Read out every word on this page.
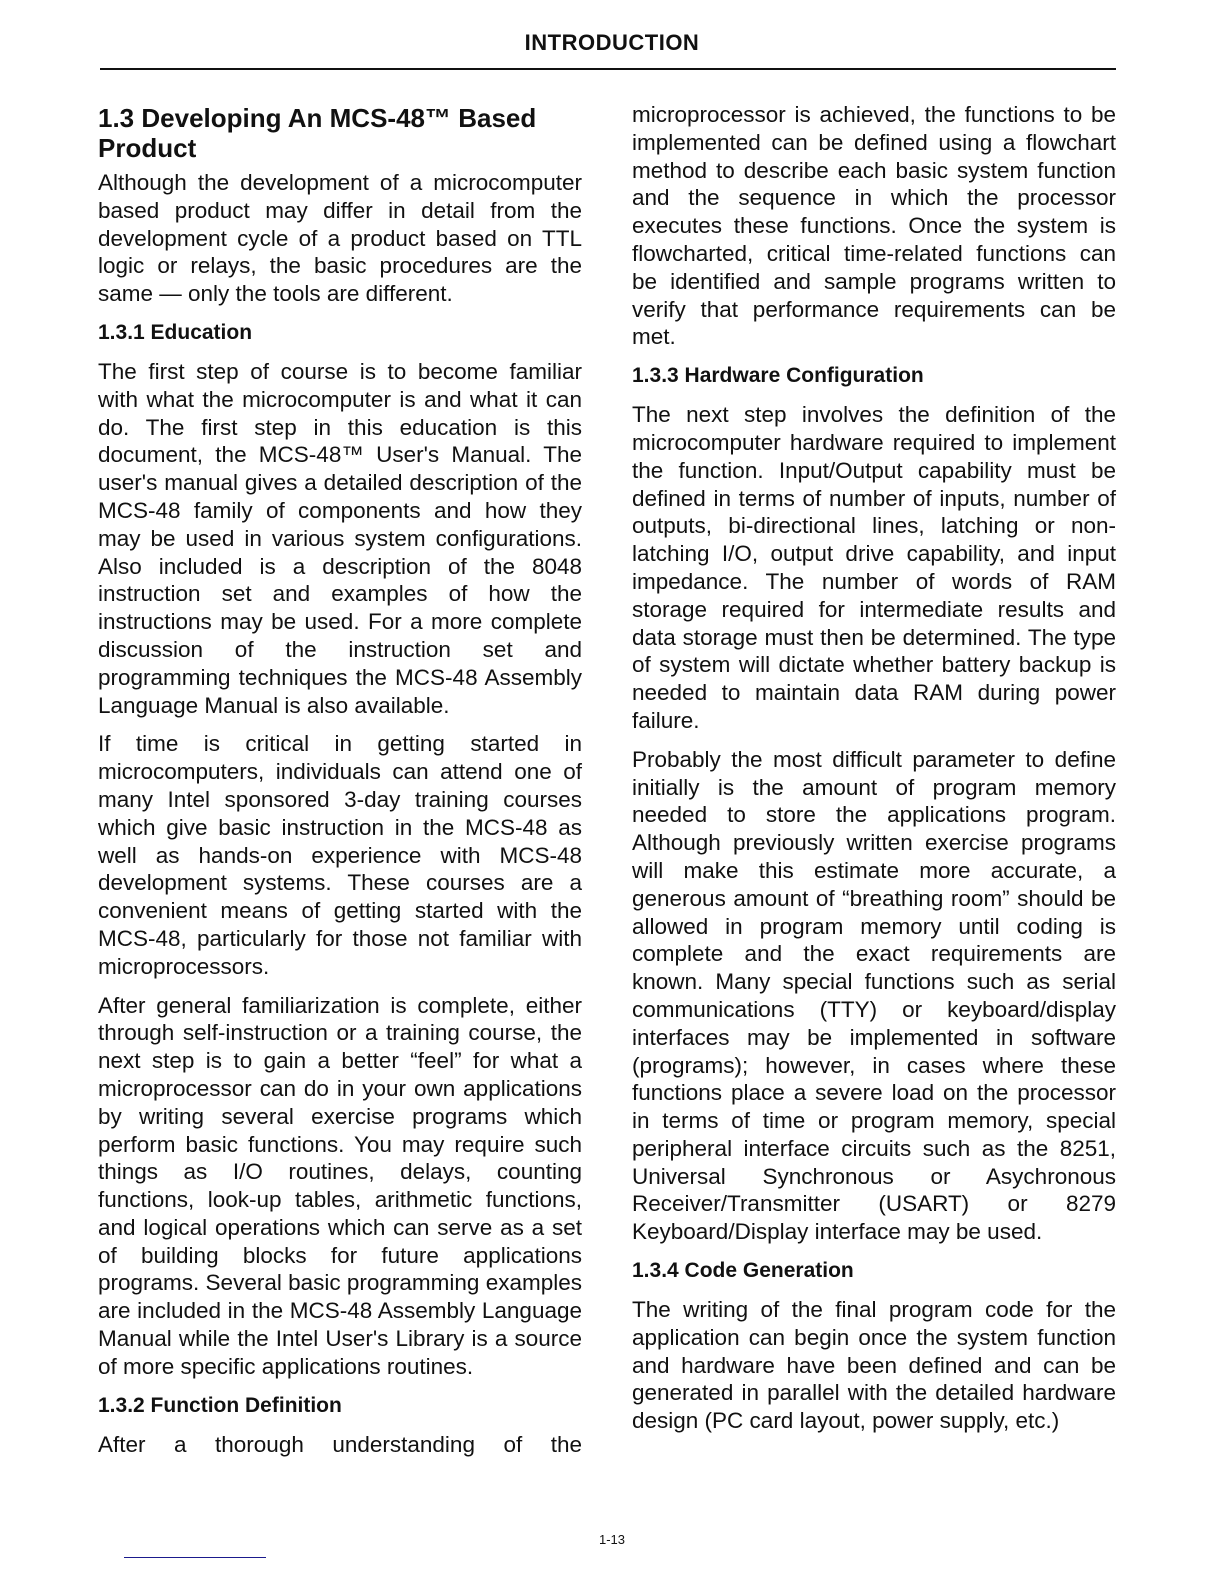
INTRODUCTION
1.3 Developing An MCS-48™ Based Product

Although the development of a microcomputer based product may differ in detail from the development cycle of a product based on TTL logic or relays, the basic procedures are the same — only the tools are different.

1.3.1 Education

The first step of course is to become familiar with what the microcomputer is and what it can do. The first step in this education is this document, the MCS-48™ User's Manual. The user's manual gives a detailed description of the MCS-48 family of components and how they may be used in various system configurations. Also included is a description of the 8048 instruction set and examples of how the instructions may be used. For a more complete discussion of the instruction set and programming techniques the MCS-48 Assembly Language Manual is also available.

If time is critical in getting started in microcomputers, individuals can attend one of many Intel sponsored 3-day training courses which give basic instruction in the MCS-48 as well as hands-on experience with MCS-48 development systems. These courses are a convenient means of getting started with the MCS-48, particularly for those not familiar with microprocessors.

After general familiarization is complete, either through self-instruction or a training course, the next step is to gain a better “feel” for what a microprocessor can do in your own applications by writing several exercise programs which perform basic functions. You may require such things as I/O routines, delays, counting functions, look-up tables, arithmetic functions, and logical operations which can serve as a set of building blocks for future applications programs. Several basic programming examples are included in the MCS-48 Assembly Language Manual while the Intel User's Library is a source of more specific applications routines.

1.3.2 Function Definition

After a thorough understanding of the

microprocessor is achieved, the functions to be implemented can be defined using a flowchart method to describe each basic system function and the sequence in which the processor executes these functions. Once the system is flowcharted, critical time-related functions can be identified and sample programs written to verify that performance requirements can be met.

1.3.3 Hardware Configuration

The next step involves the definition of the microcomputer hardware required to implement the function. Input/Output capability must be defined in terms of number of inputs, number of outputs, bi-directional lines, latching or non-latching I/O, output drive capability, and input impedance. The number of words of RAM storage required for intermediate results and data storage must then be determined. The type of system will dictate whether battery backup is needed to maintain data RAM during power failure.

Probably the most difficult parameter to define initially is the amount of program memory needed to store the applications program. Although previously written exercise programs will make this estimate more accurate, a generous amount of “breathing room” should be allowed in program memory until coding is complete and the exact requirements are known. Many special functions such as serial communications (TTY) or keyboard/display interfaces may be implemented in software (programs); however, in cases where these functions place a severe load on the processor in terms of time or program memory, special peripheral interface circuits such as the 8251, Universal Synchronous or Asychronous Receiver/Transmitter (USART) or 8279 Keyboard/Display interface may be used.

1.3.4 Code Generation

The writing of the final program code for the application can begin once the system function and hardware have been defined and can be generated in parallel with the detailed hardware design (PC card layout, power supply, etc.)

1-13
